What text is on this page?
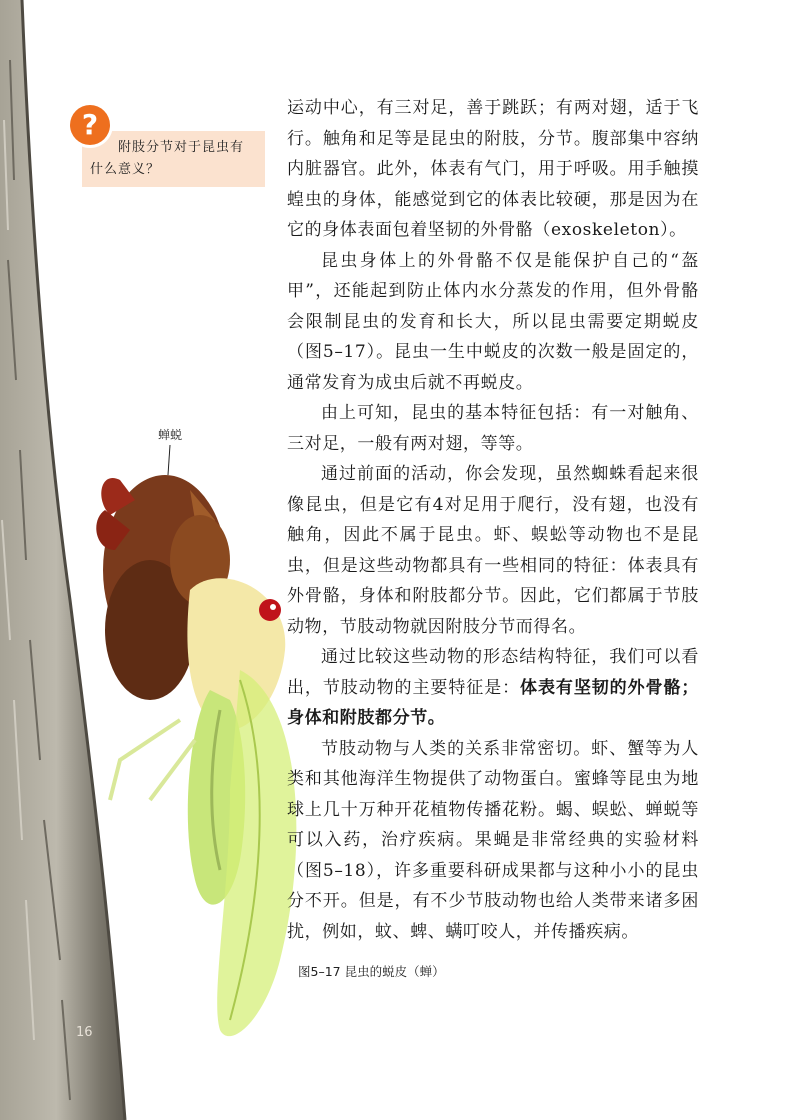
?
附肢分节对于昆虫有
什么意义？
蝉蜕

运动中心，有三对足，善于跳跃；有两对翅，适于飞行。触角和足等是昆虫的附肢，分节。腹部集中容纳内脏器官。此外，体表有气门，用于呼吸。用手触摸蝗虫的身体，能感觉到它的体表比较硬，那是因为在它的身体表面包着坚韧的外骨骼（exoskeleton）。

昆虫身体上的外骨骼不仅是能保护自己的“盔甲”，还能起到防止体内水分蒸发的作用，但外骨骼会限制昆虫的发育和长大，所以昆虫需要定期蜕皮（图5–17）。昆虫一生中蜕皮的次数一般是固定的，通常发育为成虫后就不再蜕皮。

由上可知，昆虫的基本特征包括：有一对触角、三对足，一般有两对翅，等等。

通过前面的活动，你会发现，虽然蜘蛛看起来很像昆虫，但是它有4对足用于爬行，没有翅，也没有触角，因此不属于昆虫。虾、蜈蚣等动物也不是昆虫，但是这些动物都具有一些相同的特征：体表具有外骨骼，身体和附肢都分节。因此，它们都属于节肢动物，节肢动物就因附肢分节而得名。

通过比较这些动物的形态结构特征，我们可以看出，节肢动物的主要特征是：体表有坚韧的外骨骼；身体和附肢都分节。

节肢动物与人类的关系非常密切。虾、蟹等为人类和其他海洋生物提供了动物蛋白。蜜蜂等昆虫为地球上几十万种开花植物传播花粉。蝎、蜈蚣、蝉蜕等可以入药，治疗疾病。果蝇是非常经典的实验材料（图5–18），许多重要科研成果都与这种小小的昆虫分不开。但是，有不少节肢动物也给人类带来诸多困扰，例如，蚊、蜱、螨叮咬人，并传播疾病。

图5–17 昆虫的蜕皮（蝉）
16
